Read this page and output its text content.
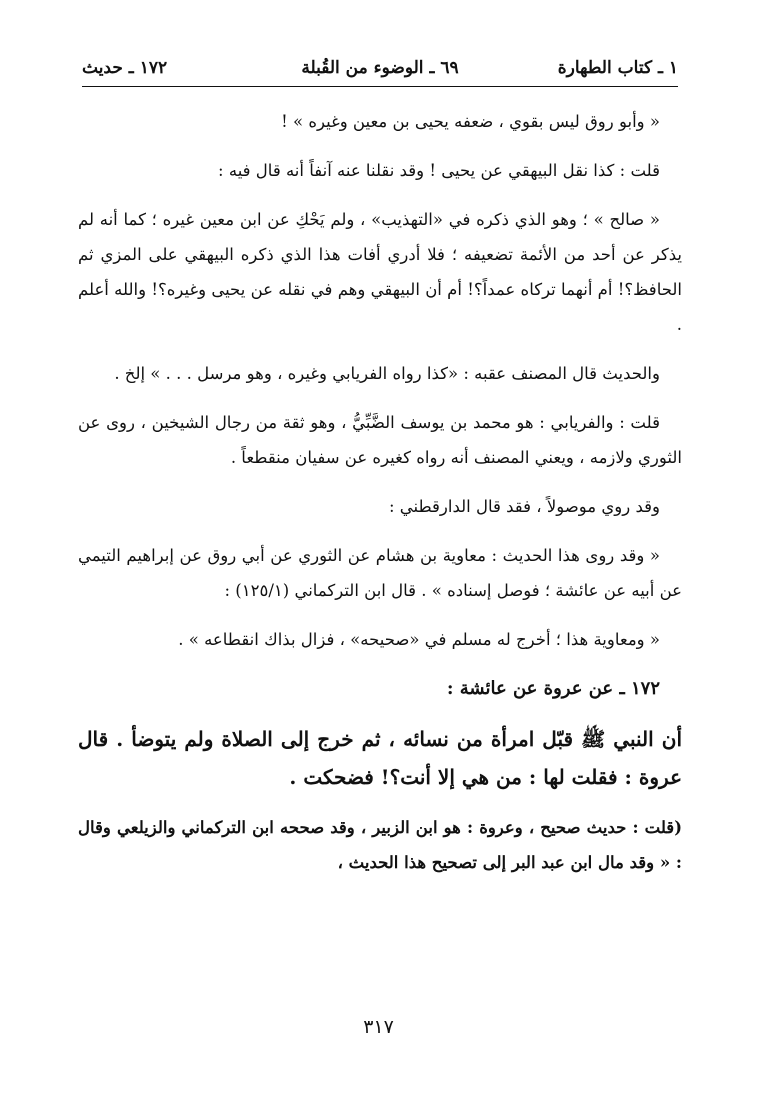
١ ـ كتاب الطهارة
٦٩ ـ الوضوء من القُبلة
١٧٢ ـ حديث

« وأبو روق ليس بقوي ، ضعفه يحيى بن معين وغيره » !

قلت : كذا نقل البيهقي عن يحيى ! وقد نقلنا عنه آنفاً أنه قال فيه :

« صالح » ؛ وهو الذي ذكره في «التهذيب» ، ولم يَحْكِ عن ابن معين غيره ؛ كما أنه لم يذكر عن أحد من الأئمة تضعيفه ؛ فلا أدري أفات هذا الذي ذكره البيهقي على المزي ثم الحافظ؟! أم أنهما تركاه عمداً؟! أم أن البيهقي وهم في نقله عن يحيى وغيره؟! والله أعلم .

والحديث قال المصنف عقبه : «كذا رواه الفريابي وغيره ، وهو مرسل . . . » إلخ .

قلت : والفريابي : هو محمد بن يوسف الضَّبِّيُّ ، وهو ثقة من رجال الشيخين ، روى عن الثوري ولازمه ، ويعني المصنف أنه رواه كغيره عن سفيان منقطعاً .

وقد روي موصولاً ، فقد قال الدارقطني :

« وقد روى هذا الحديث : معاوية بن هشام عن الثوري عن أبي روق عن إبراهيم التيمي عن أبيه عن عائشة ؛ فوصل إسناده » . قال ابن التركماني (١٢٥/١) :

« ومعاوية هذا ؛ أخرج له مسلم في «صحيحه» ، فزال بذاك انقطاعه » .

١٧٢ ـ عن عروة عن عائشة :

أن النبي ﷺ قبّل امرأة من نسائه ، ثم خرج إلى الصلاة ولم يتوضأ . قال عروة : فقلت لها : من هي إلا أنت؟! فضحكت .

(قلت : حديث صحيح ، وعروة : هو ابن الزبير ، وقد صححه ابن التركماني والزيلعي وقال : « وقد مال ابن عبد البر إلى تصحيح هذا الحديث ،

٣١٧
